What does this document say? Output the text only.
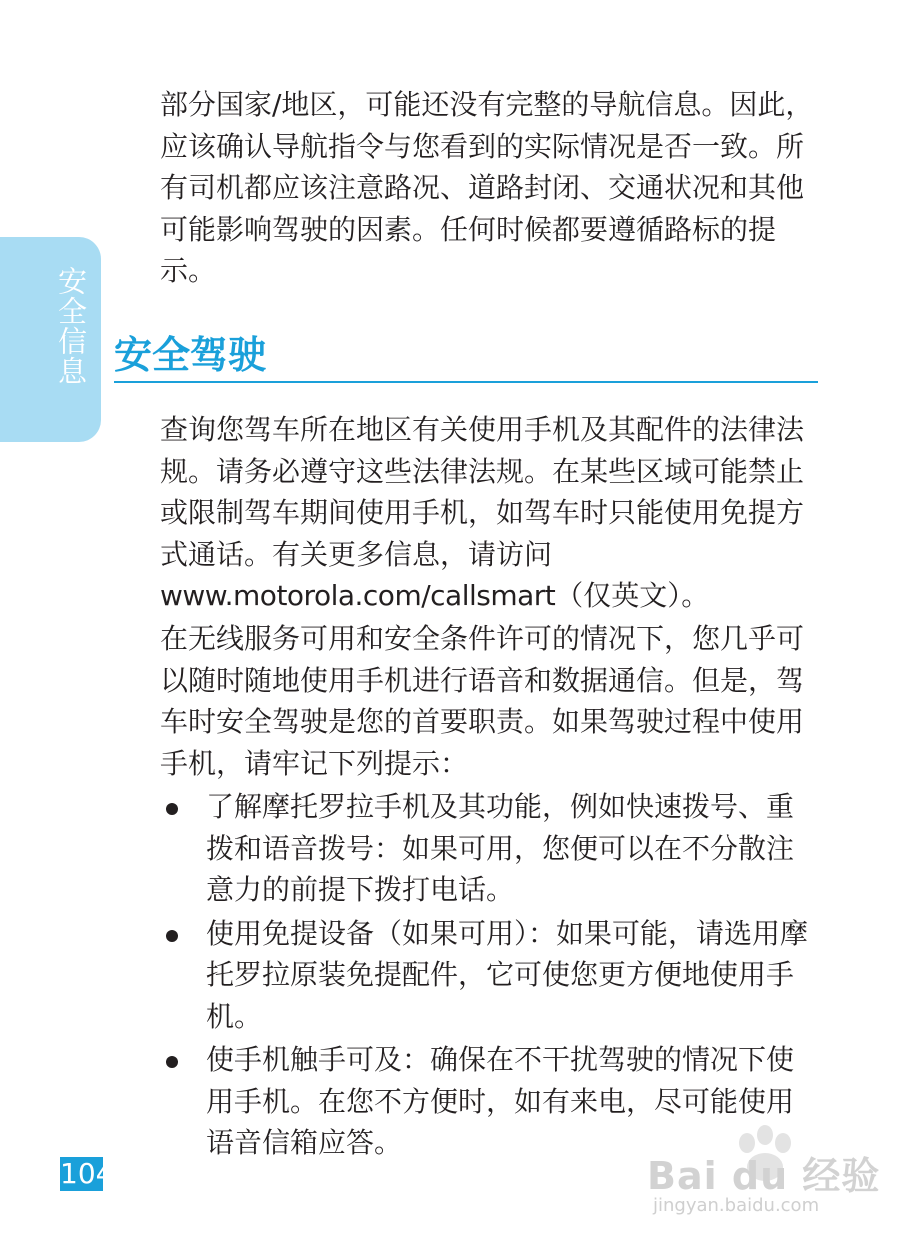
安全信息

部分国家/地区，可能还没有完整的导航信息。因此，应该确认导航指令与您看到的实际情况是否一致。所有司机都应该注意路况、道路封闭、交通状况和其他可能影响驾驶的因素。任何时候都要遵循路标的提示。

安全驾驶

查询您驾车所在地区有关使用手机及其配件的法律法规。请务必遵守这些法律法规。在某些区域可能禁止或限制驾车期间使用手机，如驾车时只能使用免提方式通话。有关更多信息，请访问www.motorola.com/callsmart（仅英文）。

在无线服务可用和安全条件许可的情况下，您几乎可以随时随地使用手机进行语音和数据通信。但是，驾车时安全驾驶是您的首要职责。如果驾驶过程中使用手机，请牢记下列提示：

了解摩托罗拉手机及其功能，例如快速拨号、重拨和语音拨号：如果可用，您便可以在不分散注意力的前提下拨打电话。
使用免提设备（如果可用）：如果可能，请选用摩托罗拉原装免提配件，它可使您更方便地使用手机。
使手机触手可及：确保在不干扰驾驶的情况下使用手机。在您不方便时，如有来电，尽可能使用语音信箱应答。
104	Bai du 经验
jingyan.baidu.com
